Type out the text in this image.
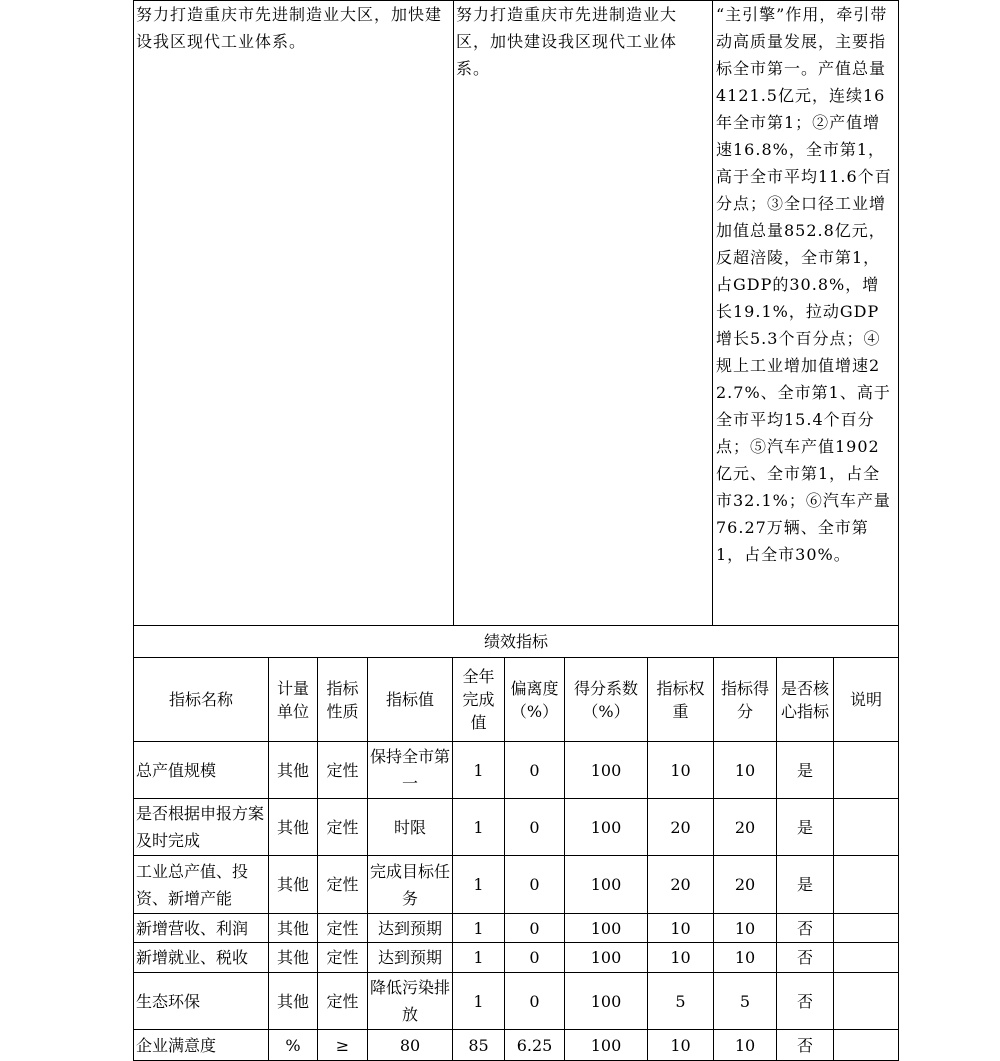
努力打造重庆市先进制造业大区，加快建设我区现代工业体系。	努力打造重庆市先进制造业大区，加快建设我区现代工业体系。	“主引擎”作用，牵引带动高质量发展，主要指标全市第一。产值总量4121.5亿元，连续16年全市第1；②产值增速16.8%，全市第1，高于全市平均11.6个百分点；③全口径工业增加值总量852.8亿元，反超涪陵，全市第1，占GDP的30.8%，增长19.1%，拉动GDP增长5.3个百分点；④规上工业增加值增速22.7%、全市第1、高于全市平均15.4个百分点；⑤汽车产值1902亿元、全市第1，占全市32.1%；⑥汽车产量76.27万辆、全市第1，占全市30%。
绩效指标										
指标名称	计量单位	指标性质	指标值	全年完成值	偏离度（%）	得分系数（%）	指标权重	指标得分	是否核心指标	说明
总产值规模	其他	定性	保持全市第一	1	0	100	10	10	是	
是否根据申报方案及时完成	其他	定性	时限	1	0	100	20	20	是	
工业总产值、投资、新增产能	其他	定性	完成目标任务	1	0	100	20	20	是	
新增营收、利润	其他	定性	达到预期	1	0	100	10	10	否	
新增就业、税收	其他	定性	达到预期	1	0	100	10	10	否	
生态环保	其他	定性	降低污染排放	1	0	100	5	5	否	
企业满意度	%	≥	80	85	6.25	100	10	10	否	
